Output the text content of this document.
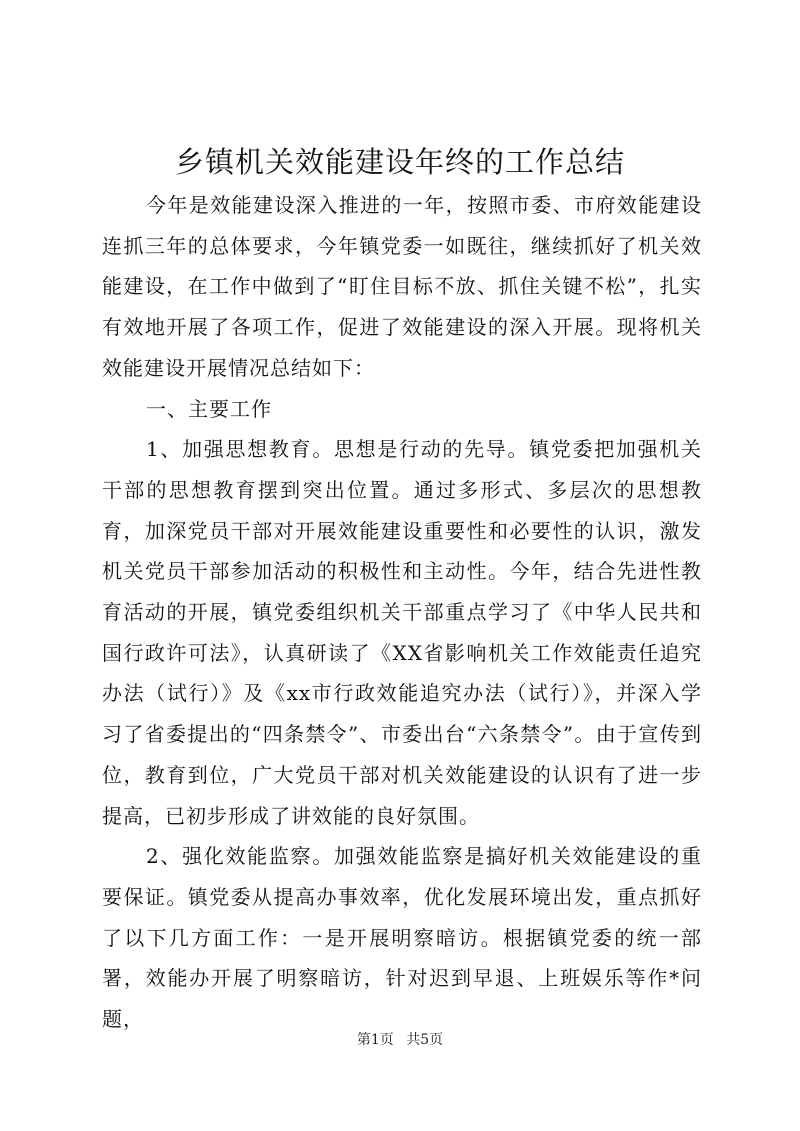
乡镇机关效能建设年终的工作总结

今年是效能建设深入推进的一年，按照市委、市府效能建设连抓三年的总体要求，今年镇党委一如既往，继续抓好了机关效能建设，在工作中做到了“盯住目标不放、抓住关键不松”，扎实有效地开展了各项工作，促进了效能建设的深入开展。现将机关效能建设开展情况总结如下：

一、主要工作

1、加强思想教育。思想是行动的先导。镇党委把加强机关干部的思想教育摆到突出位置。通过多形式、多层次的思想教育，加深党员干部对开展效能建设重要性和必要性的认识，激发机关党员干部参加活动的积极性和主动性。今年，结合先进性教育活动的开展，镇党委组织机关干部重点学习了《中华人民共和国行政许可法》，认真研读了《XX省影响机关工作效能责任追究办法（试行）》及《xx市行政效能追究办法（试行）》，并深入学习了省委提出的“四条禁令”、市委出台“六条禁令”。由于宣传到位，教育到位，广大党员干部对机关效能建设的认识有了进一步提高，已初步形成了讲效能的良好氛围。

2、强化效能监察。加强效能监察是搞好机关效能建设的重要保证。镇党委从提高办事效率，优化发展环境出发，重点抓好了以下几方面工作：一是开展明察暗访。根据镇党委的统一部署，效能办开展了明察暗访，针对迟到早退、上班娱乐等作*问题，

第1页 共5页
